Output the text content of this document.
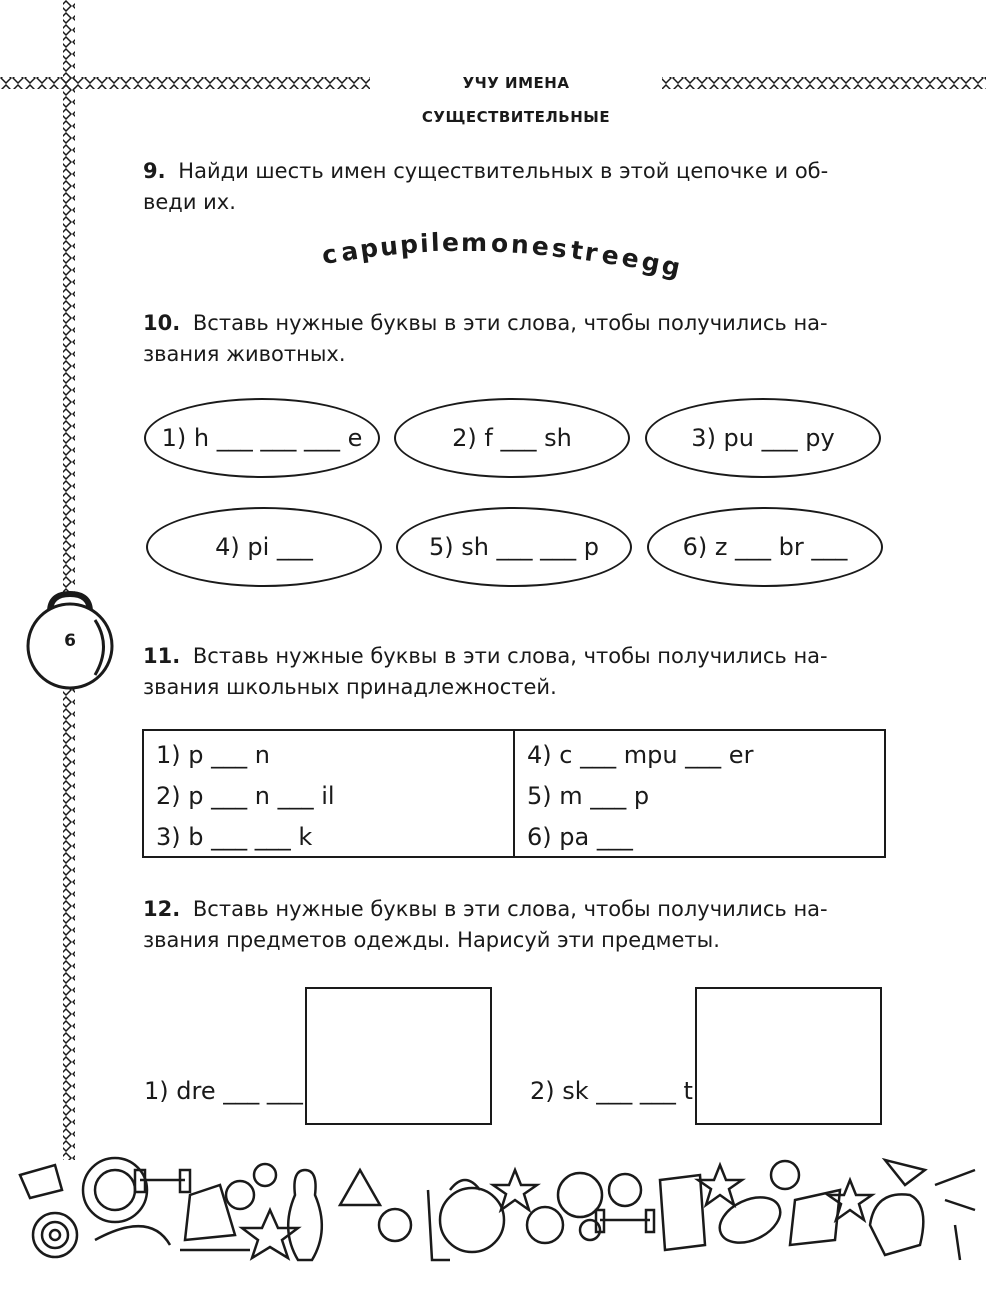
УЧУ ИМЕНА СУЩЕСТВИТЕЛЬНЫЕ
6
9. Найди шесть имен существительных в этой цепочке и об-
веди их.
c
a
p
u
p i l e m o n e s t
r e
e
g
g
10. Вставь нужные буквы в эти слова, чтобы получились на-
звания животных.
1) h ___ ___ ___ e	2) f ___ sh	3) pu ___ py
4) pi ___	5) sh ___ ___ p	6) z ___ br ___
11. Вставь нужные буквы в эти слова, чтобы получились на-
звания школьных принадлежностей.
1) p ___ n
2) p ___ n ___ il
3) b ___ ___ k
4) c ___ mpu ___ er
5) m ___ p
6) pa ___
12. Вставь нужные буквы в эти слова, чтобы получились на-
звания предметов одежды. Нарисуй эти предметы.
1) dre ___ ___	2) sk ___ ___ t
